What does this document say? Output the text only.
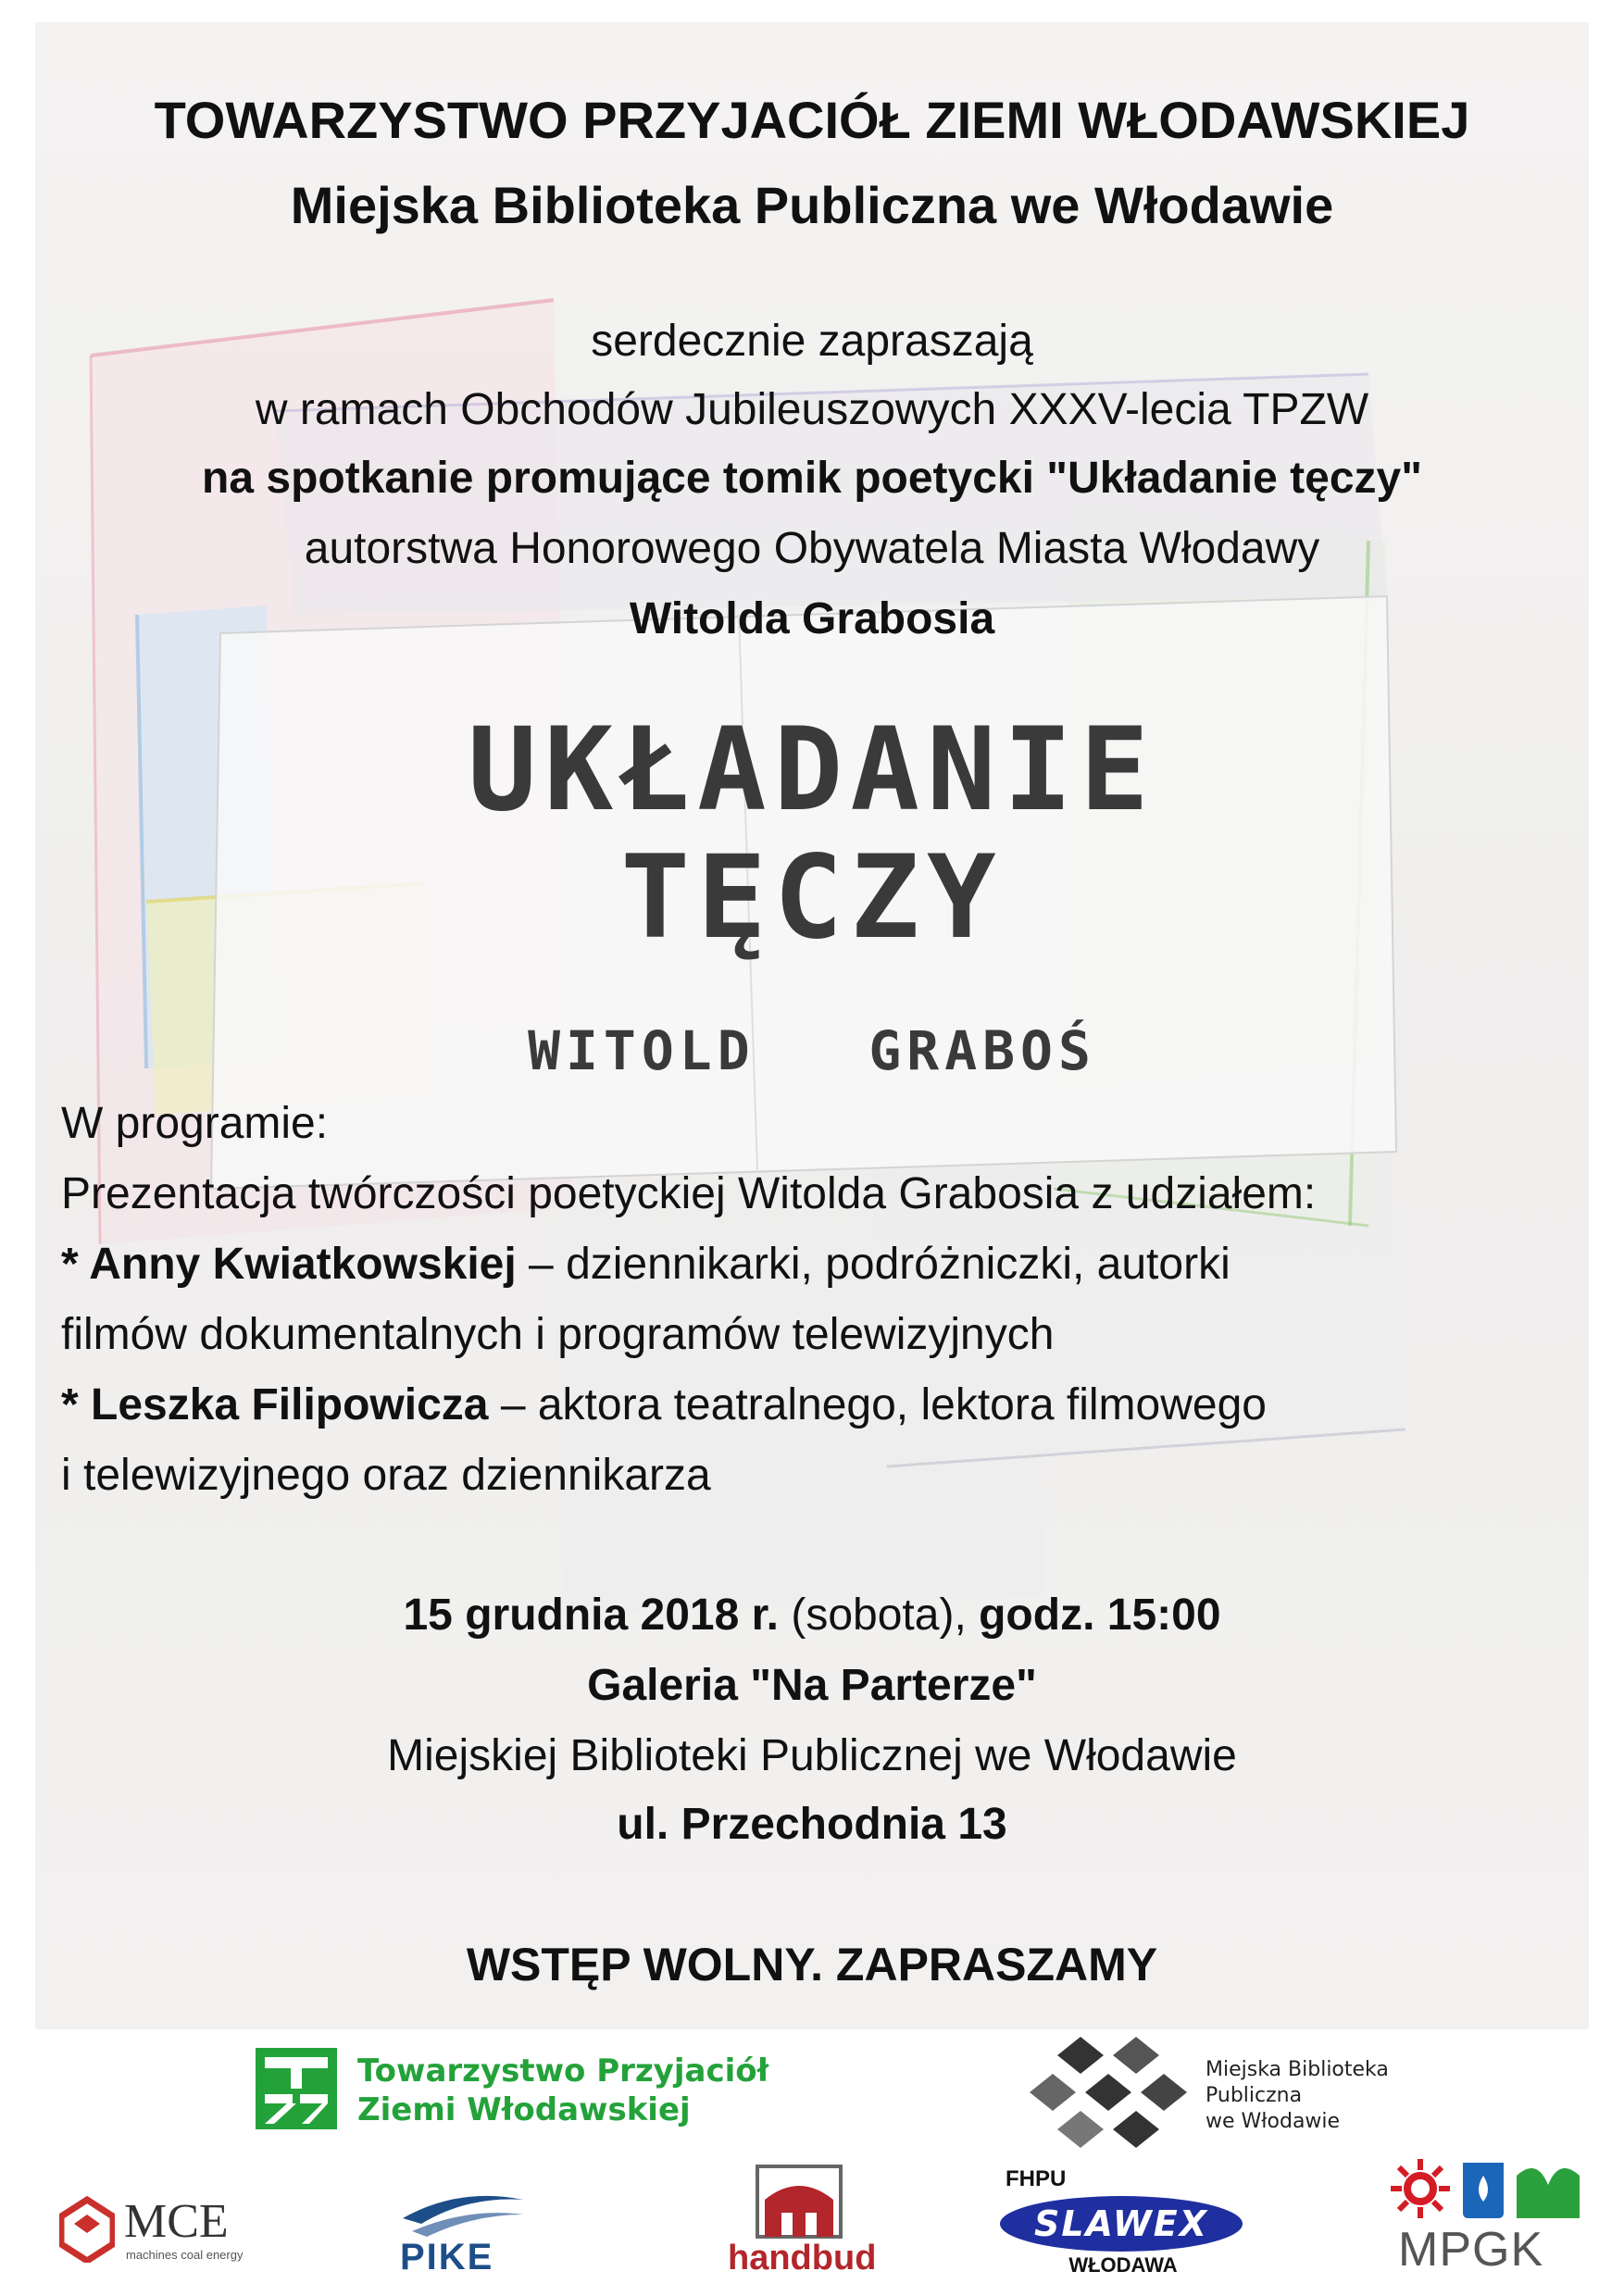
TOWARZYSTWO PRZYJACIÓŁ ZIEMI WŁODAWSKIEJ

Miejska Biblioteka Publiczna we Włodawie

serdecznie zapraszają

w ramach Obchodów Jubileuszowych XXXV-lecia TPZW

na spotkanie promujące tomik poetycki "Układanie tęczy"

autorstwa Honorowego Obywatela Miasta Włodawy

Witolda Grabosia

UKŁADANIE

TĘCZY

WITOLD   GRABOŚ

W programie:

Prezentacja twórczości poetyckiej Witolda Grabosia z udziałem:

* Anny Kwiatkowskiej – dziennikarki, podróżniczki, autorki

filmów dokumentalnych i programów telewizyjnych

* Leszka Filipowicza – aktora teatralnego, lektora filmowego

i telewizyjnego oraz dziennikarza

15 grudnia 2018 r. (sobota), godz. 15:00

Galeria "Na Parterze"

Miejskiej Biblioteki Publicznej we Włodawie

ul. Przechodnia 13

WSTĘP WOLNY. ZAPRASZAMY

Towarzystwo Przyjaciół
Ziemi Włodawskiej
Miejska Biblioteka
Publiczna
we Włodawie
MCE
machines coal energy	PIKE	handbud
FHPU
SLAWEX
WŁODAWA	MPGK
